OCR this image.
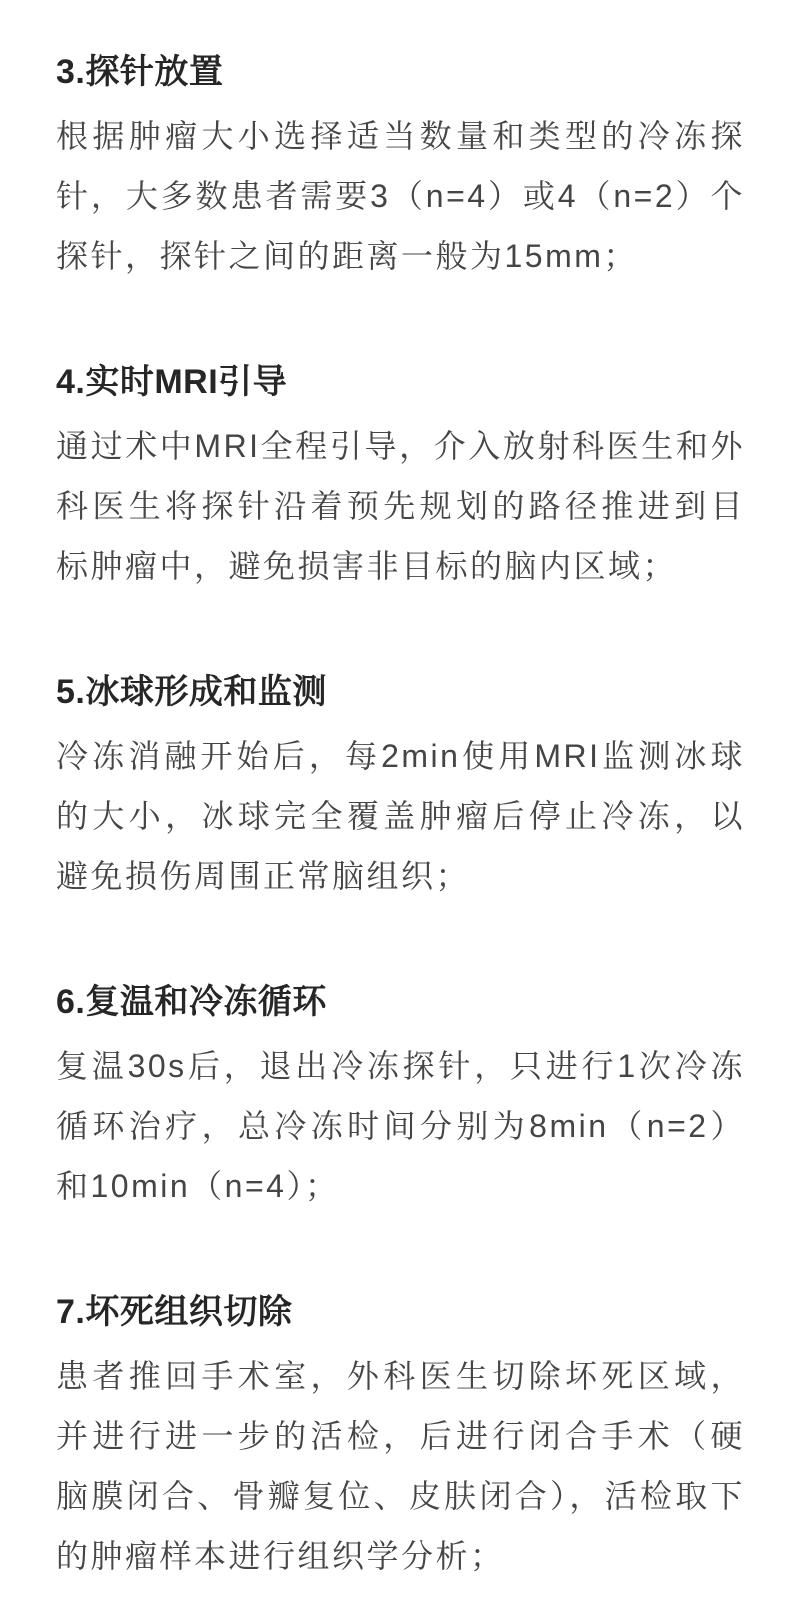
3.探针放置

根据肿瘤大小选择适当数量和类型的冷冻探针，大多数患者需要3（n=4）或4（n=2）个探针，探针之间的距离一般为15mm；

4.实时MRI引导

通过术中MRI全程引导，介入放射科医生和外科医生将探针沿着预先规划的路径推进到目标肿瘤中，避免损害非目标的脑内区域；

5.冰球形成和监测

冷冻消融开始后，每2min使用MRI监测冰球的大小，冰球完全覆盖肿瘤后停止冷冻，以避免损伤周围正常脑组织；

6.复温和冷冻循环

复温30s后，退出冷冻探针，只进行1次冷冻循环治疗，总冷冻时间分别为8min（n=2）和10min（n=4）；

7.坏死组织切除

患者推回手术室，外科医生切除坏死区域，并进行进一步的活检，后进行闭合手术（硬脑膜闭合、骨瓣复位、皮肤闭合），活检取下的肿瘤样本进行组织学分析；
